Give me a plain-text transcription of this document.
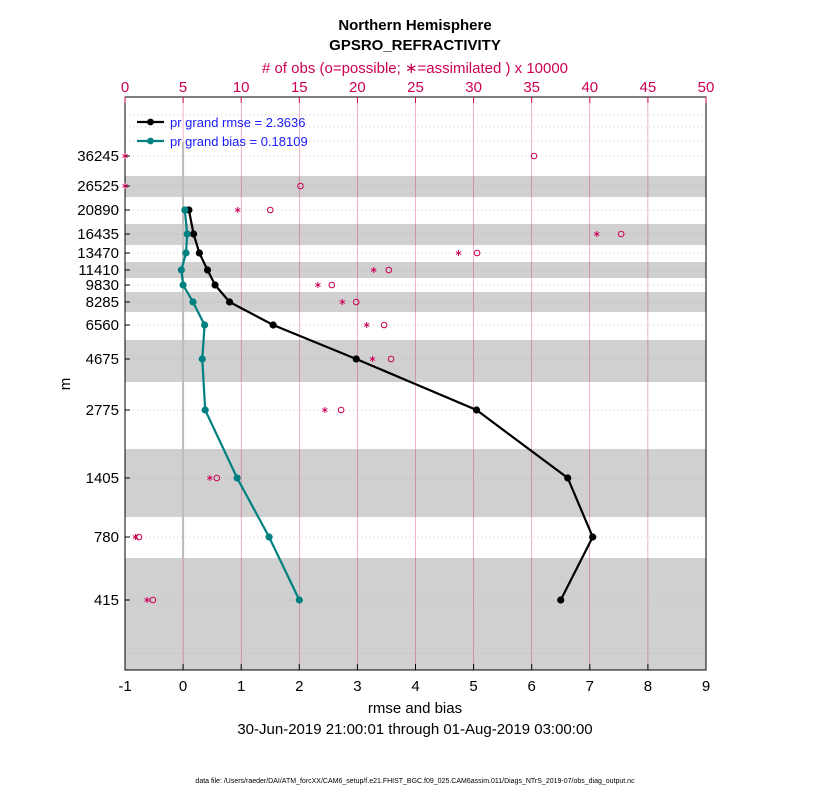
-1	0	1	2	3	4	5	6	7	8	9
0	5	10	15	20	25	30	35	40	45	50
36245
26525
20890
16435
13470
11410
9830
8285
6560
4675
2775
1405
780
415
pr grand rmse = 2.3636
pr grand bias = 0.18109
Northern Hemisphere
GPSRO_REFRACTIVITY
# of obs (o=possible; ∗=assimilated ) x 10000
rmse and bias
30-Jun-2019 21:00:01 through 01-Aug-2019 03:00:00
m
data file: /Users/raeder/DAI/ATM_forcXX/CAM6_setup/f.e21.FHIST_BGC.f09_025.CAM6assim.011/Diags_NTrS_2019-07/obs_diag_output.nc
